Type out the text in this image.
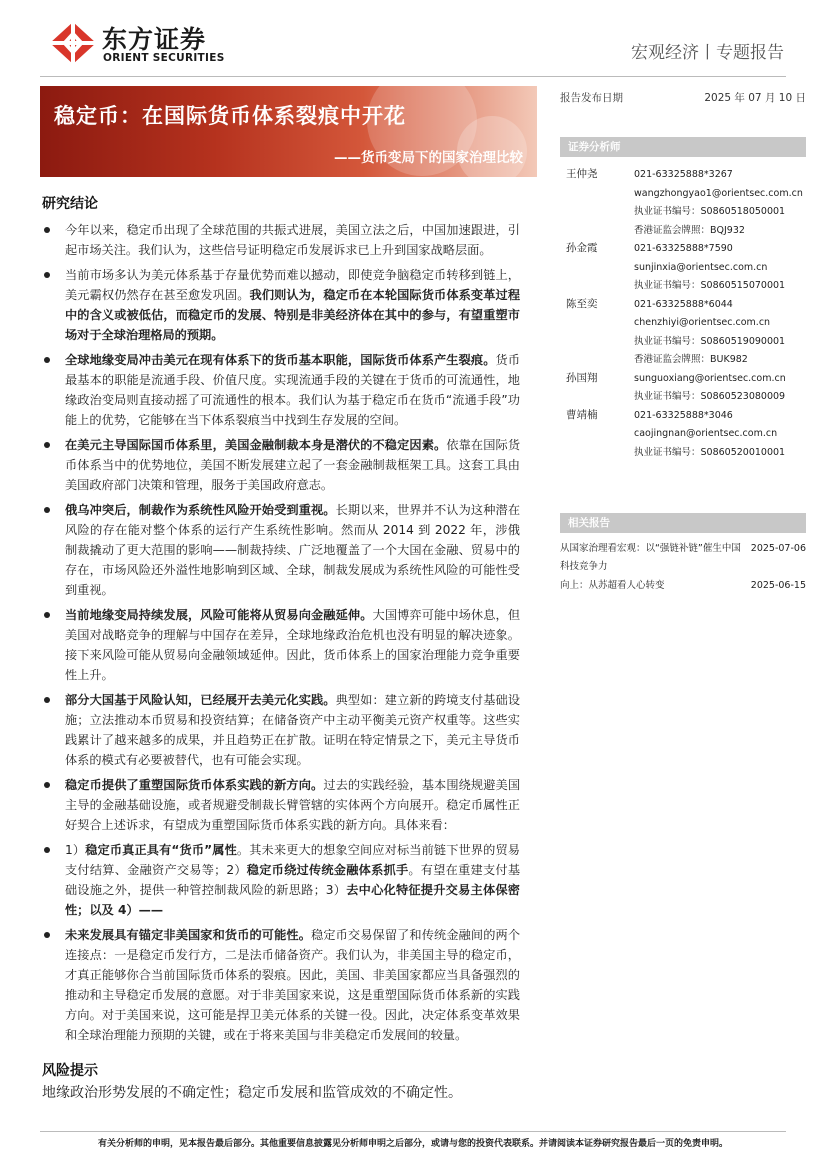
东方证券
ORIENT SECURITIES	宏观经济丨专题报告
稳定币：在国际货币体系裂痕中开花
——货币变局下的国家治理比较
研究结论
今年以来，稳定币出现了全球范围的共振式进展，美国立法之后，中国加速跟进，引起市场关注。我们认为，这些信号证明稳定币发展诉求已上升到国家战略层面。
当前市场多认为美元体系基于存量优势而难以撼动，即使竞争脑稳定币转移到链上，美元霸权仍然存在甚至愈发巩固。我们则认为，稳定币在本轮国际货币体系变革过程中的含义或被低估，而稳定币的发展、特别是非美经济体在其中的参与，有望重塑市场对于全球治理格局的预期。
全球地缘变局冲击美元在现有体系下的货币基本职能，国际货币体系产生裂痕。货币最基本的职能是流通手段、价值尺度。实现流通手段的关键在于货币的可流通性，地缘政治变局则直接动摇了可流通性的根本。我们认为基于稳定币在货币“流通手段”功能上的优势，它能够在当下体系裂痕当中找到生存发展的空间。
在美元主导国际国币体系里，美国金融制裁本身是潜伏的不稳定因素。依靠在国际货币体系当中的优势地位，美国不断发展建立起了一套金融制裁框架工具。这套工具由美国政府部门决策和管理，服务于美国政府意志。
俄乌冲突后，制裁作为系统性风险开始受到重视。长期以来，世界并不认为这种潜在风险的存在能对整个体系的运行产生系统性影响。然而从 2014 到 2022 年，涉俄制裁撬动了更大范围的影响——制裁持续、广泛地覆盖了一个大国在金融、贸易中的存在，市场风险还外溢性地影响到区域、全球，制裁发展成为系统性风险的可能性受到重视。
当前地缘变局持续发展，风险可能将从贸易向金融延伸。大国博弈可能中场休息，但美国对战略竞争的理解与中国存在差异，全球地缘政治危机也没有明显的解决迹象。接下来风险可能从贸易向金融领域延伸。因此，货币体系上的国家治理能力竞争重要性上升。
部分大国基于风险认知，已经展开去美元化实践。典型如：建立新的跨境支付基础设施；立法推动本币贸易和投资结算；在储备资产中主动平衡美元资产权重等。这些实践累计了越来越多的成果，并且趋势正在扩散。证明在特定情景之下，美元主导货币体系的模式有必要被替代，也有可能会实现。
稳定币提供了重塑国际货币体系实践的新方向。过去的实践经验，基本围绕规避美国主导的金融基础设施，或者规避受制裁长臂管辖的实体两个方向展开。稳定币属性正好契合上述诉求，有望成为重塑国际货币体系实践的新方向。具体来看：
1）稳定币真正具有“货币”属性。其未来更大的想象空间应对标当前链下世界的贸易支付结算、金融资产交易等；2）稳定币绕过传统金融体系抓手。有望在重建支付基础设施之外，提供一种管控制裁风险的新思路；3）去中心化特征提升交易主体保密性；以及 4）——
未来发展具有锚定非美国家和货币的可能性。稳定币交易保留了和传统金融间的两个连接点：一是稳定币发行方，二是法币储备资产。我们认为，非美国主导的稳定币，才真正能够你合当前国际货币体系的裂痕。因此，美国、非美国家都应当具备强烈的推动和主导稳定币发展的意愿。对于非美国家来说，这是重塑国际货币体系新的实践方向。对于美国来说，这可能是捍卫美元体系的关键一役。因此，决定体系变革效果和全球治理能力预期的关键，或在于将来美国与非美稳定币发展间的较量。
风险提示
地缘政治形势发展的不确定性；稳定币发展和监管成效的不确定性。
报告发布日期	2025 年 07 月 10 日
证券分析师
王仲尧	021-63325888*3267
wangzhongyao1@orientsec.com.cn
执业证书编号：S0860518050001
香港证监会牌照：BQJ932
孙金霞	021-63325888*7590
sunjinxia@orientsec.com.cn
执业证书编号：S0860515070001
陈至奕	021-63325888*6044
chenzhiyi@orientsec.com.cn
执业证书编号：S0860519090001
香港证监会牌照：BUK982
孙国翔	sunguoxiang@orientsec.com.cn
执业证书编号：S0860523080009
曹靖楠	021-63325888*3046
caojingnan@orientsec.com.cn
执业证书编号：S0860520010001
相关报告
从国家治理看宏观：以“强链补链”催生中国科技竞争力
2025-07-06
向上：从苏超看人心转变	2025-06-15
有关分析师的申明，见本报告最后部分。其他重要信息披露见分析师申明之后部分，或请与您的投资代表联系。并请阅读本证券研究报告最后一页的免责申明。
